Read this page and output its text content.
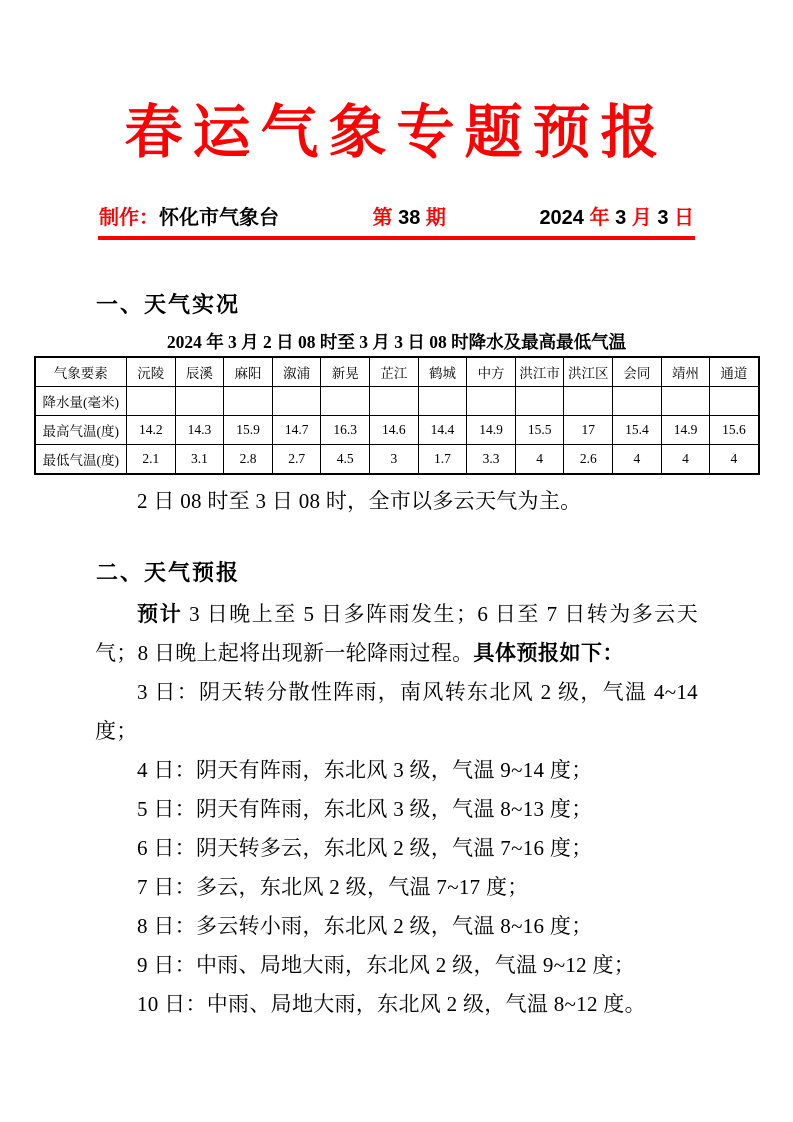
春运气象专题预报
制作：怀化市气象台	第 38 期	2024 年 3 月 3 日
一、天气实况
2024 年 3 月 2 日 08 时至 3 月 3 日 08 时降水及最高最低气温
气象要素	沅陵	辰溪	麻阳	溆浦	新晃	芷江	鹤城	中方	洪江市	洪江区	会同	靖州	通道
降水量(毫米)													
最高气温(度)	14.2	14.3	15.9	14.7	16.3	14.6	14.4	14.9	15.5	17	15.4	14.9	15.6
最低气温(度)	2.1	3.1	2.8	2.7	4.5	3	1.7	3.3	4	2.6	4	4	4

2 日 08 时至 3 日 08 时，全市以多云天气为主。

二、天气预报

预计 3 日晚上至 5 日多阵雨发生；6 日至 7 日转为多云天气；8 日晚上起将出现新一轮降雨过程。具体预报如下：

3 日：阴天转分散性阵雨，南风转东北风 2 级，气温 4~14 度；

4 日：阴天有阵雨，东北风 3 级，气温 9~14 度；

5 日：阴天有阵雨，东北风 3 级，气温 8~13 度；

6 日：阴天转多云，东北风 2 级，气温 7~16 度；

7 日：多云，东北风 2 级，气温 7~17 度；

8 日：多云转小雨，东北风 2 级，气温 8~16 度；

9 日：中雨、局地大雨，东北风 2 级，气温 9~12 度；

10 日：中雨、局地大雨，东北风 2 级，气温 8~12 度。
